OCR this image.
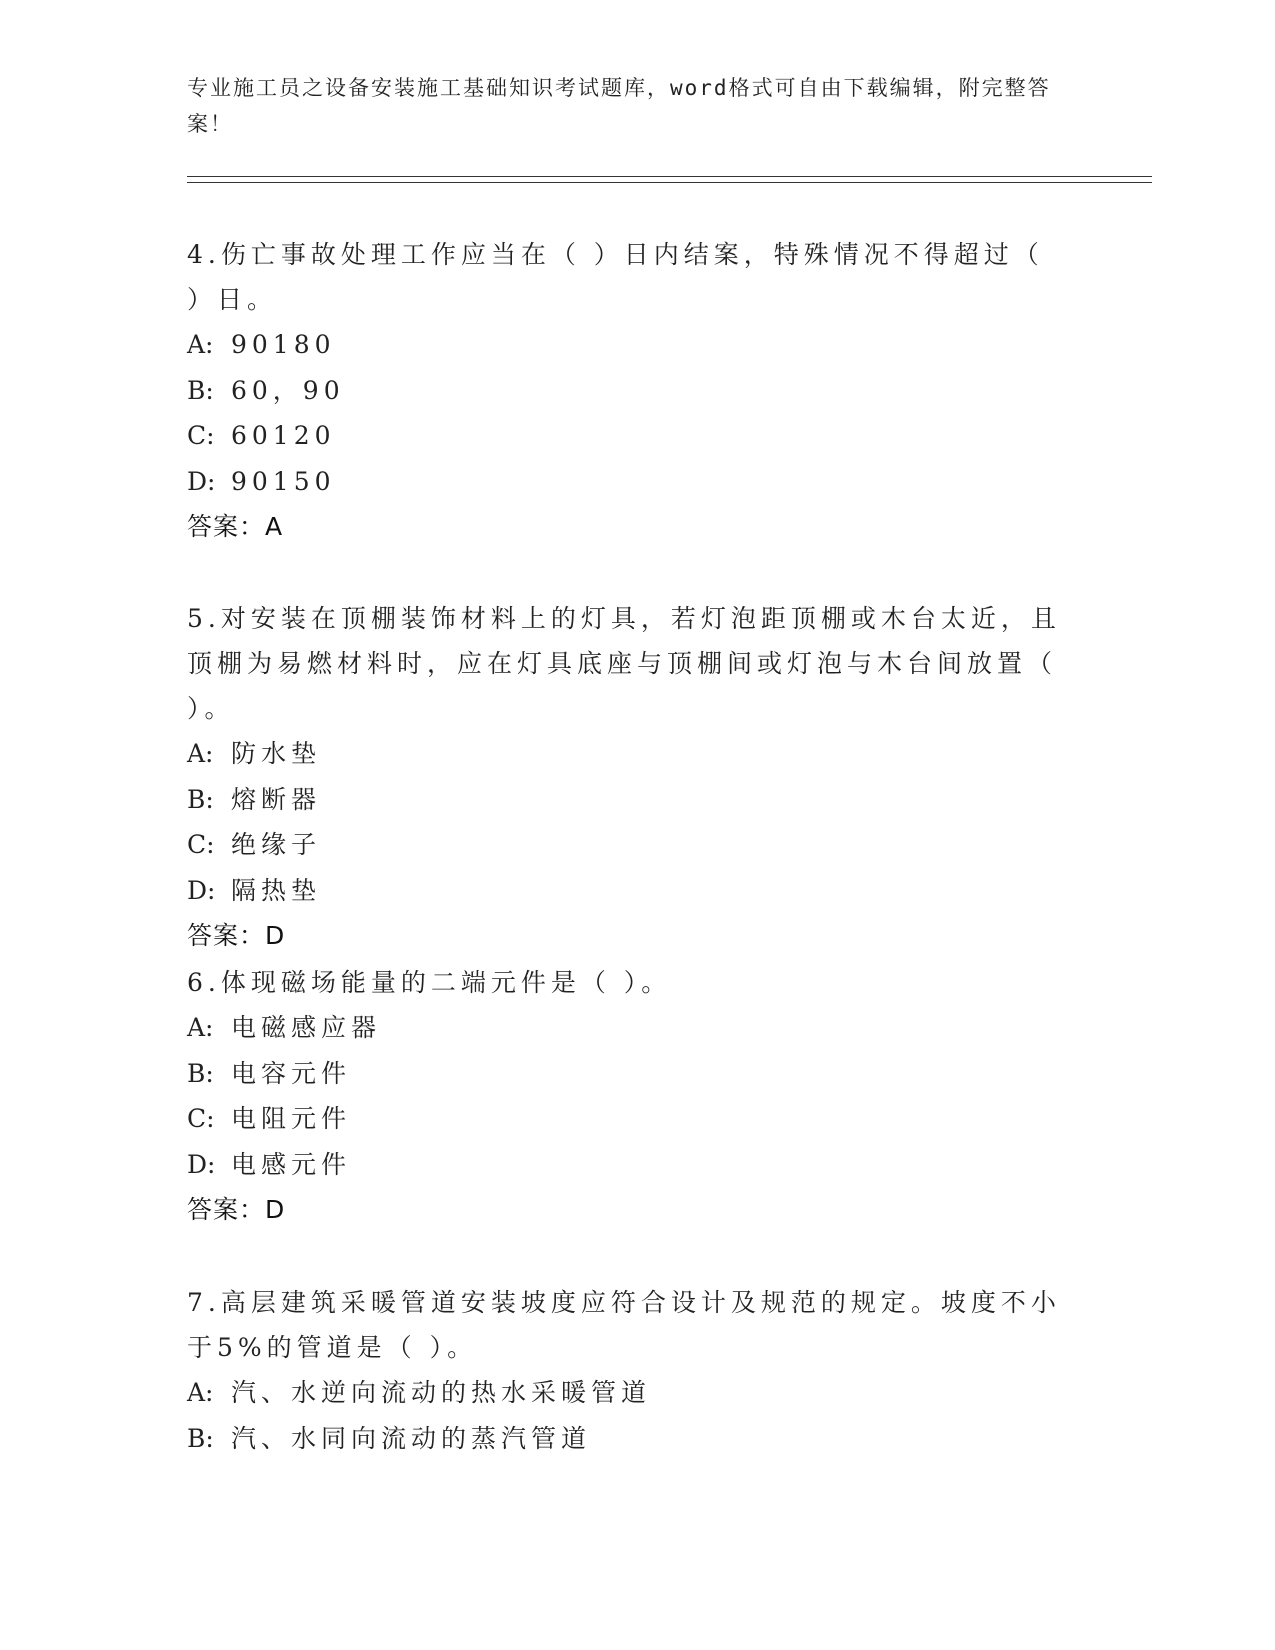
专业施工员之设备安装施工基础知识考试题库，word格式可自由下载编辑，附完整答案！
4.伤亡事故处理工作应当在（ ）日内结案，特殊情况不得超过（ ）日。
A: 90180
B: 60，90
C: 60120
D: 90150
答案：A
5.对安装在顶棚装饰材料上的灯具，若灯泡距顶棚或木台太近，且顶棚为易燃材料时，应在灯具底座与顶棚间或灯泡与木台间放置（ ）。
A: 防水垫
B: 熔断器
C: 绝缘子
D: 隔热垫
答案：D
6.体现磁场能量的二端元件是（ ）。
A: 电磁感应器
B: 电容元件
C: 电阻元件
D: 电感元件
答案：D
7.高层建筑采暖管道安装坡度应符合设计及规范的规定。坡度不小于5%的管道是（ ）。
A: 汽、水逆向流动的热水采暖管道
B: 汽、水同向流动的蒸汽管道
